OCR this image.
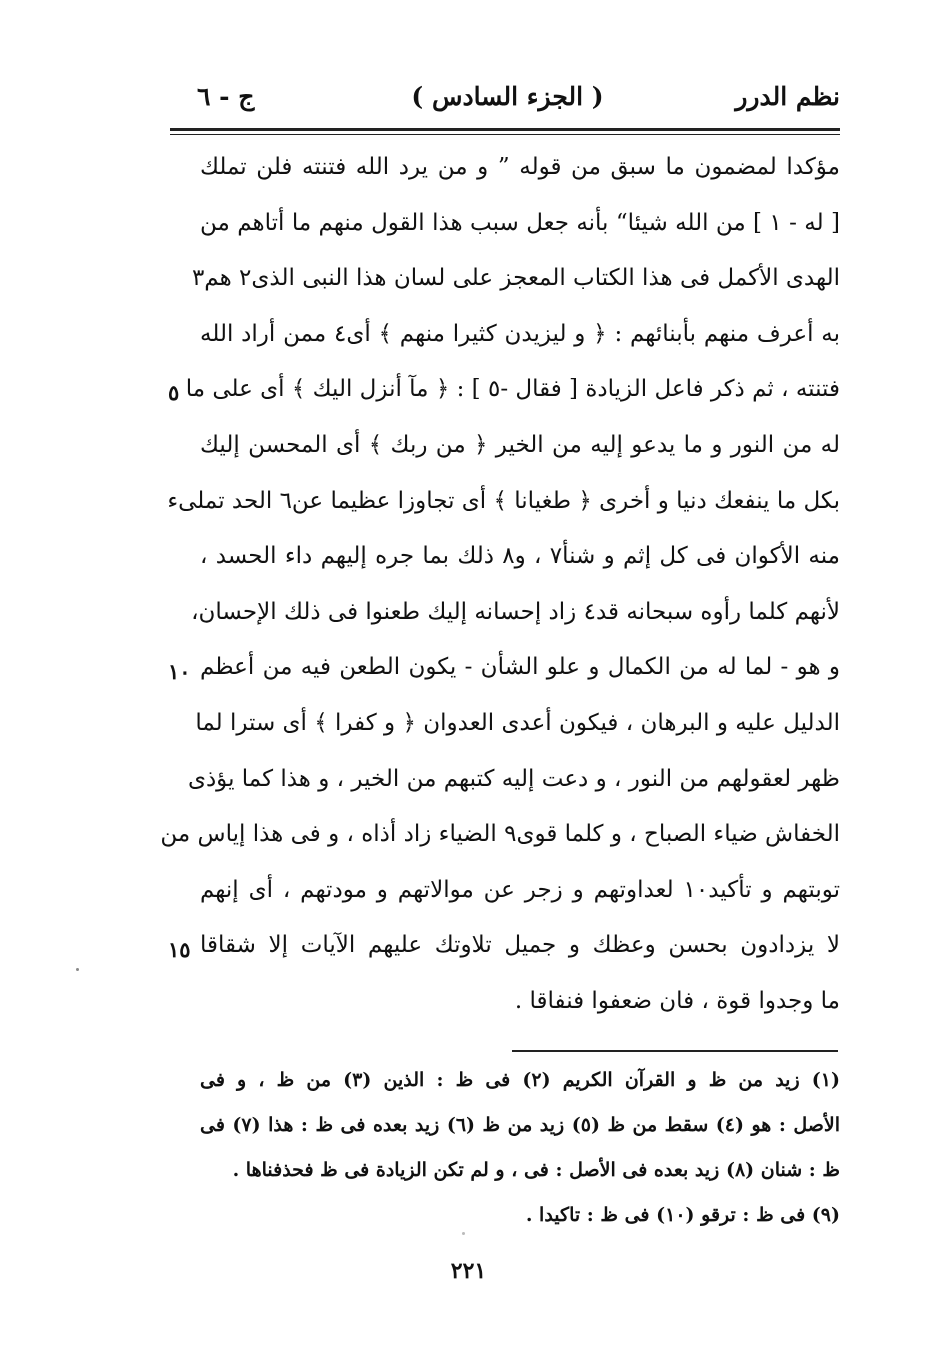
نظم الدرر
( الجزء السادس )
ج - ٦
مؤكدا لمضمون ما سبق من قوله ” و من يرد الله فتنته فلن تملك
[ له - ١ ] من الله شيئا“ بأنه جعل سبب هذا القول منهم ما أتاهم من
الهدى الأكمل فى هذا الكتاب المعجز على لسان هذا النبى الذى٢ هم٣
به أعرف منهم بأبنائهم : ﴿ و ليزيدن كثيرا منهم ﴾ أى٤ ممن أراد الله
فتنته ، ثم ذكر فاعل الزيادة [ فقال -٥ ] : ﴿ مآ أنزل اليك ﴾ أى على ما
له من النور و ما يدعو إليه من الخير ﴿ من ربك ﴾ أى المحسن إليك
بكل ما ينفعك دنيا و أخرى ﴿ طغيانا ﴾ أى تجاوزا عظيما عن٦ الحد تملىء
منه الأكوان فى كل إثم و شنأ٧ ، و٨ ذلك بما جره إليهم داء الحسد ،
لأنهم كلما رأوه سبحانه قد٤ زاد إحسانه إليك طعنوا فى ذلك الإحسان،
و هو - لما له من الكمال و علو الشأن - يكون الطعن فيه من أعظم
الدليل عليه و البرهان ، فيكون أعدى العدوان ﴿ و كفرا ﴾ أى سترا لما
ظهر لعقولهم من النور ، و دعت إليه كتبهم من الخير ، و هذا كما يؤذى
الخفاش ضياء الصباح ، و كلما قوى٩ الضياء زاد أذاه ، و فى هذا إياس من
توبتهم و تأكيد١٠ لعداوتهم و زجر عن موالاتهم و مودتهم ، أى إنهم
لا يزدادون بحسن وعظك و جميل تلاوتك عليهم الآيات إلا شقاقا
ما وجدوا قوة ، فان ضعفوا فنفاقا .
٥
١٠
١٥
(١) زيد من ظ و القرآن الكريم (٢) فى ظ : الذين (٣) من ظ ، و فى
الأصل : هو (٤) سقط من ظ (٥) زيد من ظ (٦) زيد بعده فى ظ : هذا (٧) فى
ظ : شنان (٨) زيد بعده فى الأصل : فى ، و لم تكن الزيادة فى ظ فحذفناها .
(٩) فى ظ : ترقو (١٠) فى ظ : تاكيدا .
٢٢١
